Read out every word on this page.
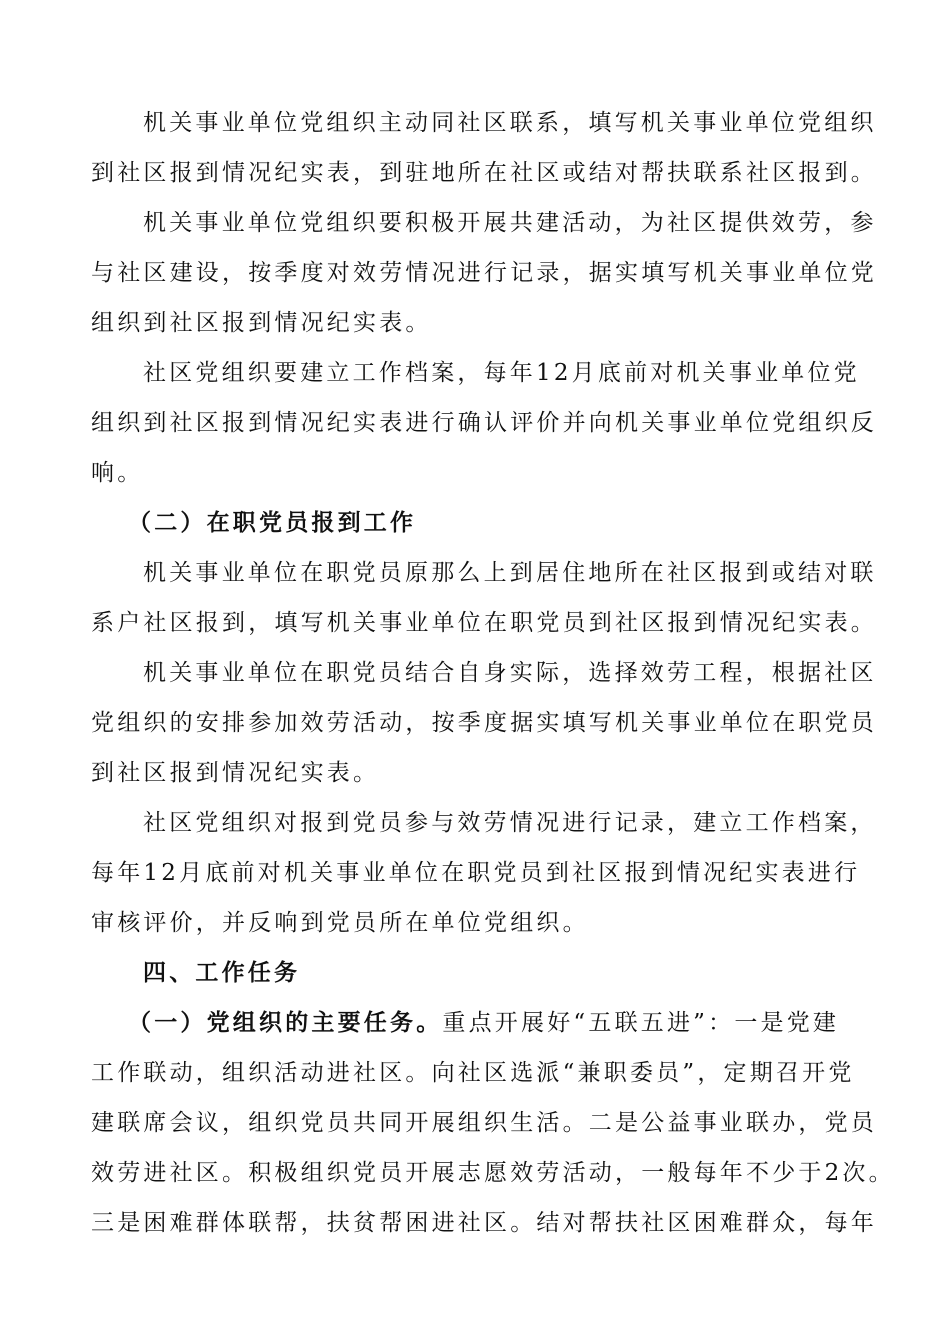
机关事业单位党组织主动同社区联系，填写机关事业单位党组织
到社区报到情况纪实表，到驻地所在社区或结对帮扶联系社区报到。
机关事业单位党组织要积极开展共建活动，为社区提供效劳，参
与社区建设，按季度对效劳情况进行记录，据实填写机关事业单位党
组织到社区报到情况纪实表。
社区党组织要建立工作档案，每年12月底前对机关事业单位党
组织到社区报到情况纪实表进行确认评价并向机关事业单位党组织反
响。
（二）在职党员报到工作
机关事业单位在职党员原那么上到居住地所在社区报到或结对联
系户社区报到，填写机关事业单位在职党员到社区报到情况纪实表。
机关事业单位在职党员结合自身实际，选择效劳工程，根据社区
党组织的安排参加效劳活动，按季度据实填写机关事业单位在职党员
到社区报到情况纪实表。
社区党组织对报到党员参与效劳情况进行记录，建立工作档案，
每年12月底前对机关事业单位在职党员到社区报到情况纪实表进行
审核评价，并反响到党员所在单位党组织。
四、工作任务
（一）党组织的主要任务。重点开展好“五联五进”：一是党建
工作联动，组织活动进社区。向社区选派“兼职委员”，定期召开党
建联席会议，组织党员共同开展组织生活。二是公益事业联办，党员
效劳进社区。积极组织党员开展志愿效劳活动，一般每年不少于2次。
三是困难群体联帮，扶贫帮困进社区。结对帮扶社区困难群众，每年
